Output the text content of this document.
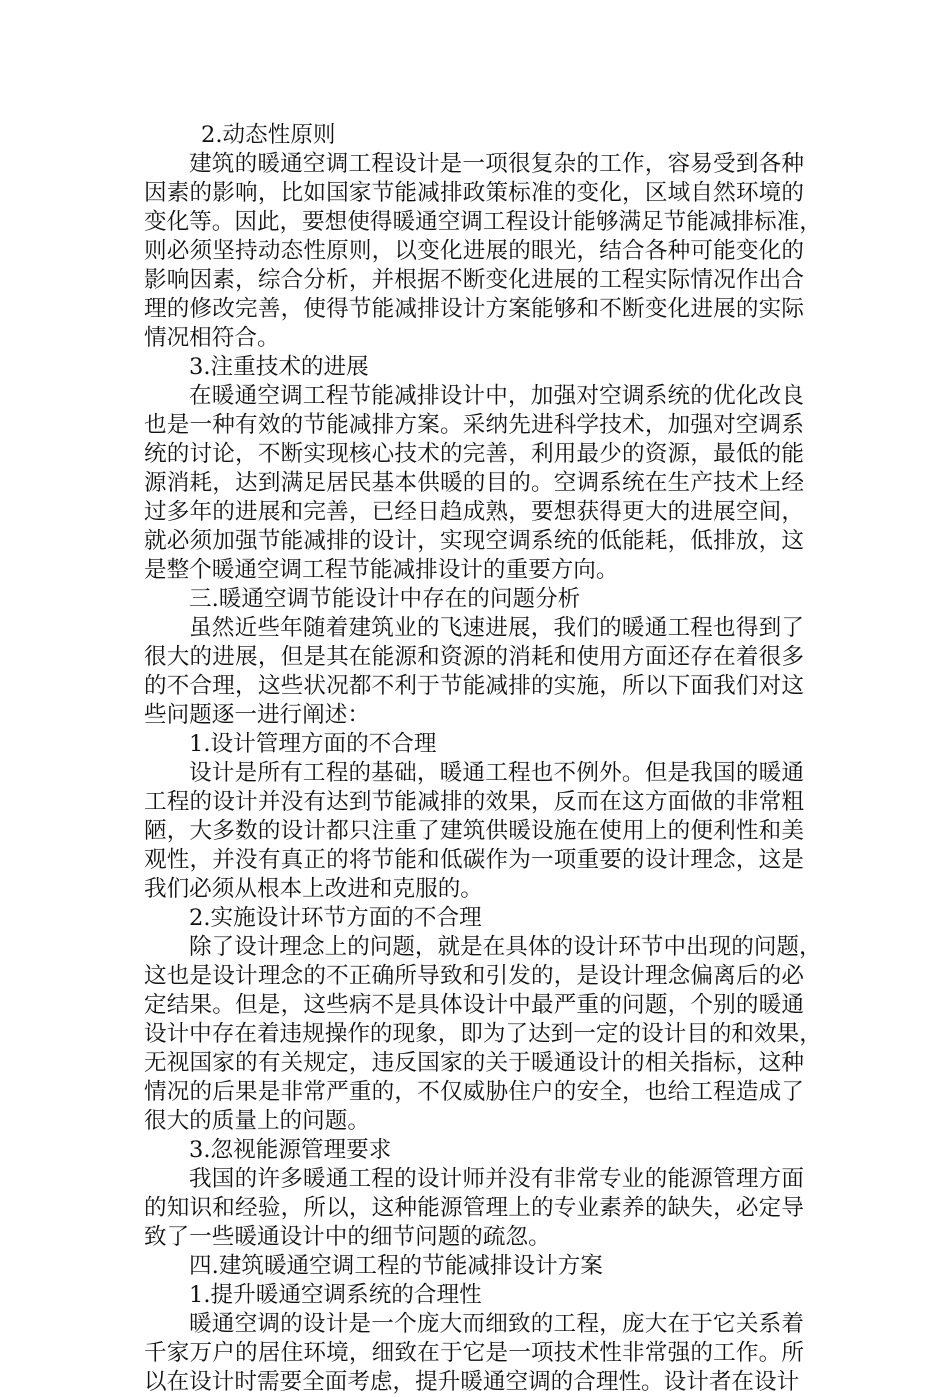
2.动态性原则
建筑的暖通空调工程设计是一项很复杂的工作，容易受到各种
因素的影响，比如国家节能减排政策标准的变化，区域自然环境的
变化等。因此，要想使得暖通空调工程设计能够满足节能减排标准，
则必须坚持动态性原则，以变化进展的眼光，结合各种可能变化的
影响因素，综合分析，并根据不断变化进展的工程实际情况作出合
理的修改完善，使得节能减排设计方案能够和不断变化进展的实际
情况相符合。
3.注重技术的进展
在暖通空调工程节能减排设计中，加强对空调系统的优化改良
也是一种有效的节能减排方案。采纳先进科学技术，加强对空调系
统的讨论，不断实现核心技术的完善，利用最少的资源，最低的能
源消耗，达到满足居民基本供暖的目的。空调系统在生产技术上经
过多年的进展和完善，已经日趋成熟，要想获得更大的进展空间，
就必须加强节能减排的设计，实现空调系统的低能耗，低排放，这
是整个暖通空调工程节能减排设计的重要方向。
三.暖通空调节能设计中存在的问题分析
虽然近些年随着建筑业的飞速进展，我们的暖通工程也得到了
很大的进展，但是其在能源和资源的消耗和使用方面还存在着很多
的不合理，这些状况都不利于节能减排的实施，所以下面我们对这
些问题逐一进行阐述：
1.设计管理方面的不合理
设计是所有工程的基础，暖通工程也不例外。但是我国的暖通
工程的设计并没有达到节能减排的效果，反而在这方面做的非常粗
陋，大多数的设计都只注重了建筑供暖设施在使用上的便利性和美
观性，并没有真正的将节能和低碳作为一项重要的设计理念，这是
我们必须从根本上改进和克服的。
2.实施设计环节方面的不合理
除了设计理念上的问题，就是在具体的设计环节中出现的问题，
这也是设计理念的不正确所导致和引发的，是设计理念偏离后的必
定结果。但是，这些病不是具体设计中最严重的问题，个别的暖通
设计中存在着违规操作的现象，即为了达到一定的设计目的和效果，
无视国家的有关规定，违反国家的关于暖通设计的相关指标，这种
情况的后果是非常严重的，不仅威胁住户的安全，也给工程造成了
很大的质量上的问题。
3.忽视能源管理要求
我国的许多暖通工程的设计师并没有非常专业的能源管理方面
的知识和经验，所以，这种能源管理上的专业素养的缺失，必定导
致了一些暖通设计中的细节问题的疏忽。
四.建筑暖通空调工程的节能减排设计方案
1.提升暖通空调系统的合理性
暖通空调的设计是一个庞大而细致的工程，庞大在于它关系着
千家万户的居住环境，细致在于它是一项技术性非常强的工作。所
以在设计时需要全面考虑，提升暖通空调的合理性。设计者在设计
